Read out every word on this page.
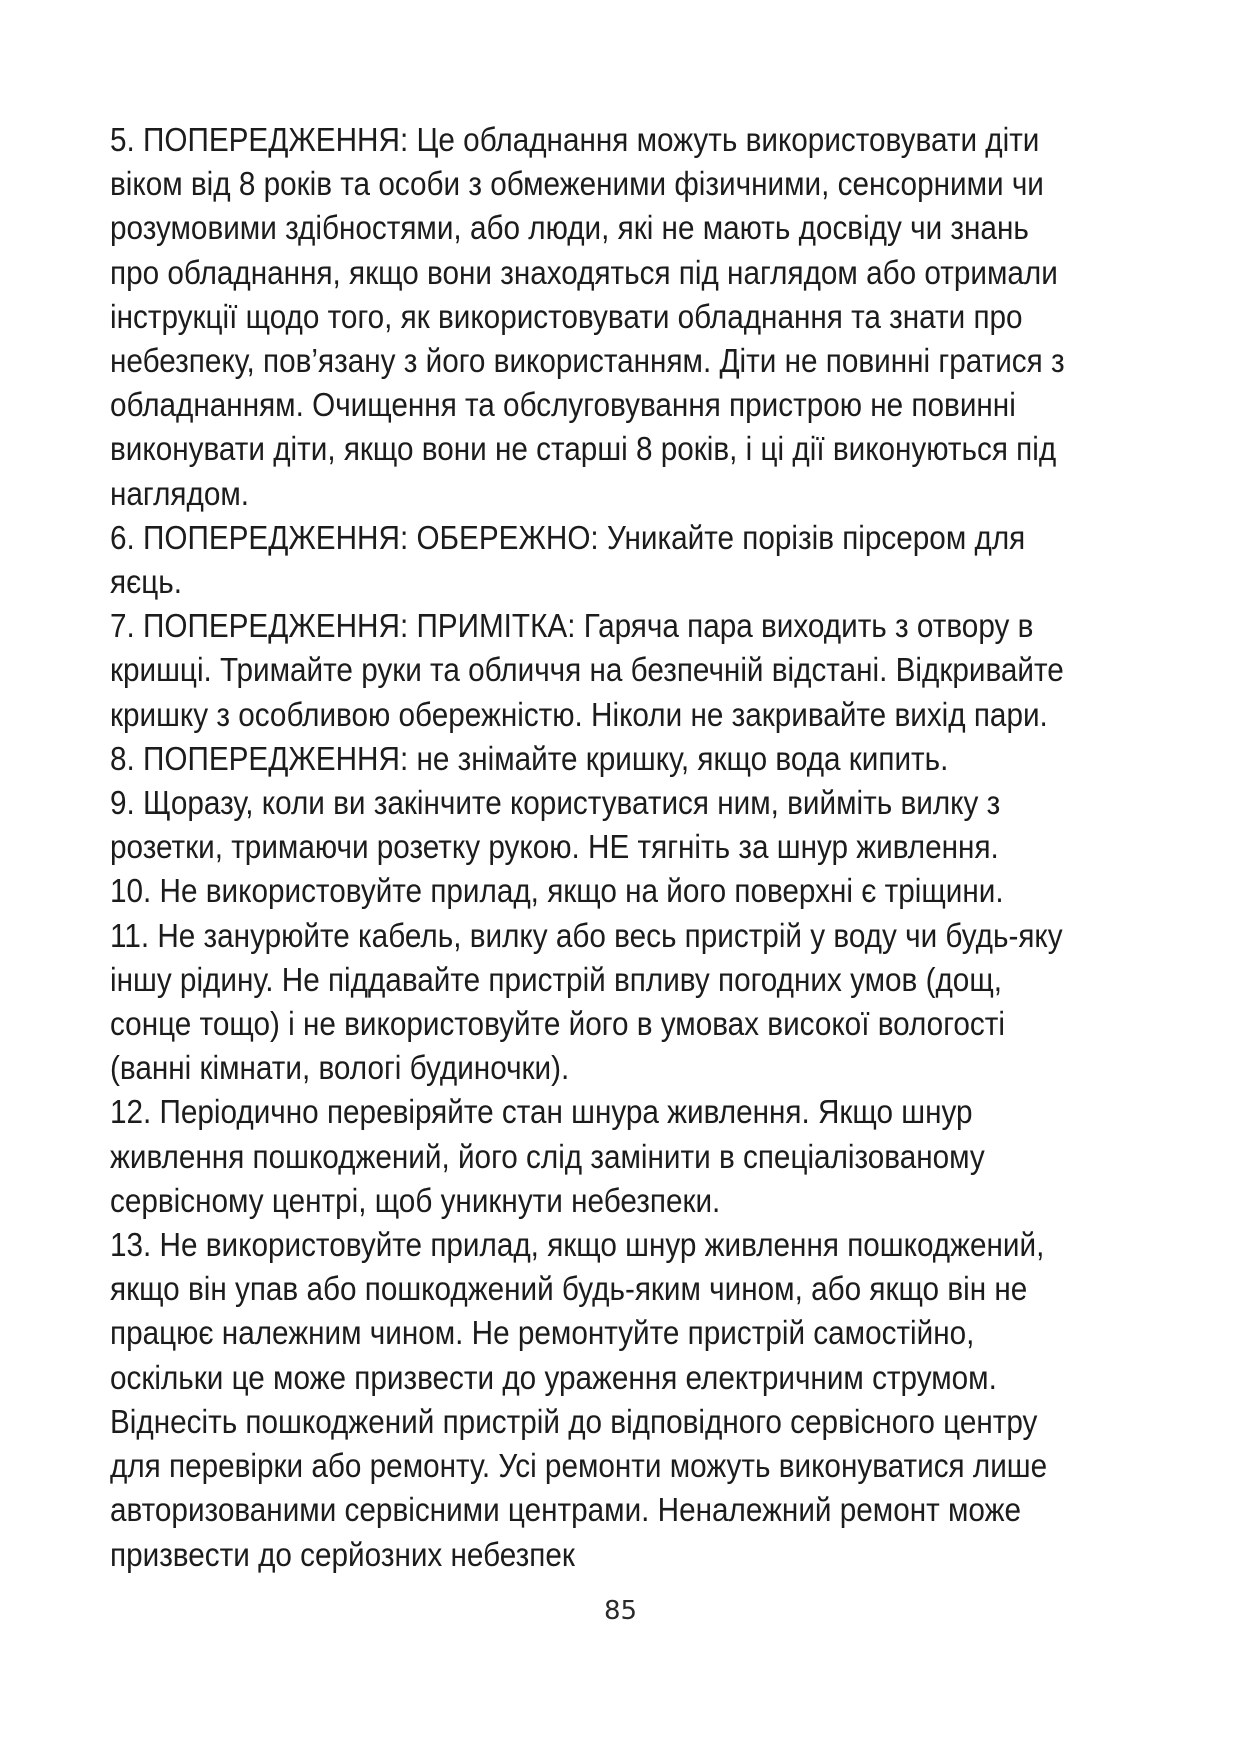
5. ПОПЕРЕДЖЕННЯ: Це обладнання можуть використовувати діти віком від 8 років та особи з обмеженими фізичними, сенсорними чи розумовими здібностями, або люди, які не мають досвіду чи знань про обладнання, якщо вони знаходяться під наглядом або отримали інструкції щодо того, як використовувати обладнання та знати про небезпеку, пов’язану з його використанням. Діти не повинні гратися з обладнанням. Очищення та обслуговування пристрою не повинні виконувати діти, якщо вони не старші 8 років, і ці дії виконуються під наглядом.

6. ПОПЕРЕДЖЕННЯ: ОБЕРЕЖНО: Уникайте порізів пірсером для яєць.

7. ПОПЕРЕДЖЕННЯ: ПРИМІТКА: Гаряча пара виходить з отвору в кришці. Тримайте руки та обличчя на безпечній відстані. Відкривайте кришку з особливою обережністю. Ніколи не закривайте вихід пари.

8. ПОПЕРЕДЖЕННЯ: не знімайте кришку, якщо вода кипить.

9. Щоразу, коли ви закінчите користуватися ним, вийміть вилку з розетки, тримаючи розетку рукою. НЕ тягніть за шнур живлення.

10. Не використовуйте прилад, якщо на його поверхні є тріщини.

11. Не занурюйте кабель, вилку або весь пристрій у воду чи будь-яку іншу рідину. Не піддавайте пристрій впливу погодних умов (дощ, сонце тощо) і не використовуйте його в умовах високої вологості (ванні кімнати, вологі будиночки).

12. Періодично перевіряйте стан шнура живлення. Якщо шнур живлення пошкоджений, його слід замінити в спеціалізованому сервісному центрі, щоб уникнути небезпеки.

13. Не використовуйте прилад, якщо шнур живлення пошкоджений, якщо він упав або пошкоджений будь-яким чином, або якщо він не працює належним чином. Не ремонтуйте пристрій самостійно, оскільки це може призвести до ураження електричним струмом. Віднесіть пошкоджений пристрій до відповідного сервісного центру для перевірки або ремонту. Усі ремонти можуть виконуватися лише авторизованими сервісними центрами. Неналежний ремонт може призвести до серйозних небезпек

85
